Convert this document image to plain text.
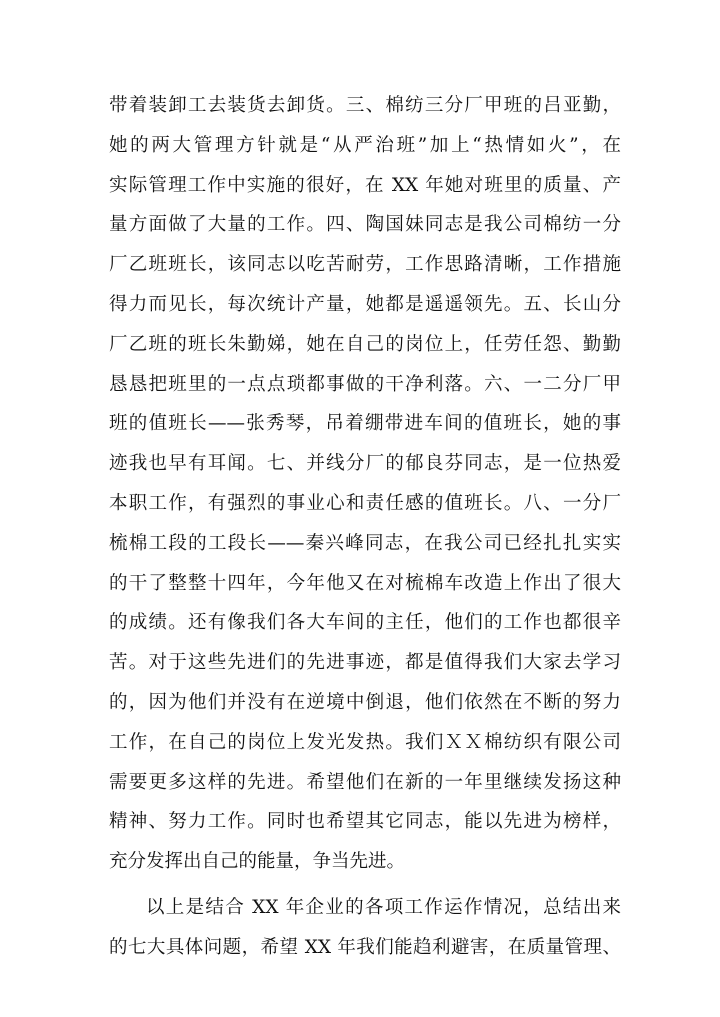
带着装卸工去装货去卸货。三、棉纺三分厂甲班的吕亚勤，
她的两大管理方针就是“从严治班”加上“热情如火”，在
实际管理工作中实施的很好，在 XX 年她对班里的质量、产
量方面做了大量的工作。四、陶国妹同志是我公司棉纺一分
厂乙班班长，该同志以吃苦耐劳，工作思路清晰，工作措施
得力而见长，每次统计产量，她都是遥遥领先。五、长山分
厂乙班的班长朱勤娣，她在自己的岗位上，任劳任怨、勤勤
恳恳把班里的一点点琐都事做的干净利落。六、一二分厂甲
班的值班长——张秀琴，吊着绷带进车间的值班长，她的事
迹我也早有耳闻。七、并线分厂的郁良芬同志，是一位热爱
本职工作，有强烈的事业心和责任感的值班长。八、一分厂
梳棉工段的工段长——秦兴峰同志，在我公司已经扎扎实实
的干了整整十四年，今年他又在对梳棉车改造上作出了很大
的成绩。还有像我们各大车间的主任，他们的工作也都很辛
苦。对于这些先进们的先进事迹，都是值得我们大家去学习
的，因为他们并没有在逆境中倒退，他们依然在不断的努力
工作，在自己的岗位上发光发热。我们ＸＸ棉纺织有限公司
需要更多这样的先进。希望他们在新的一年里继续发扬这种
精神、努力工作。同时也希望其它同志，能以先进为榜样，
充分发挥出自己的能量，争当先进。
以上是结合 XX 年企业的各项工作运作情况，总结出来
的七大具体问题，希望 XX 年我们能趋利避害，在质量管理、
